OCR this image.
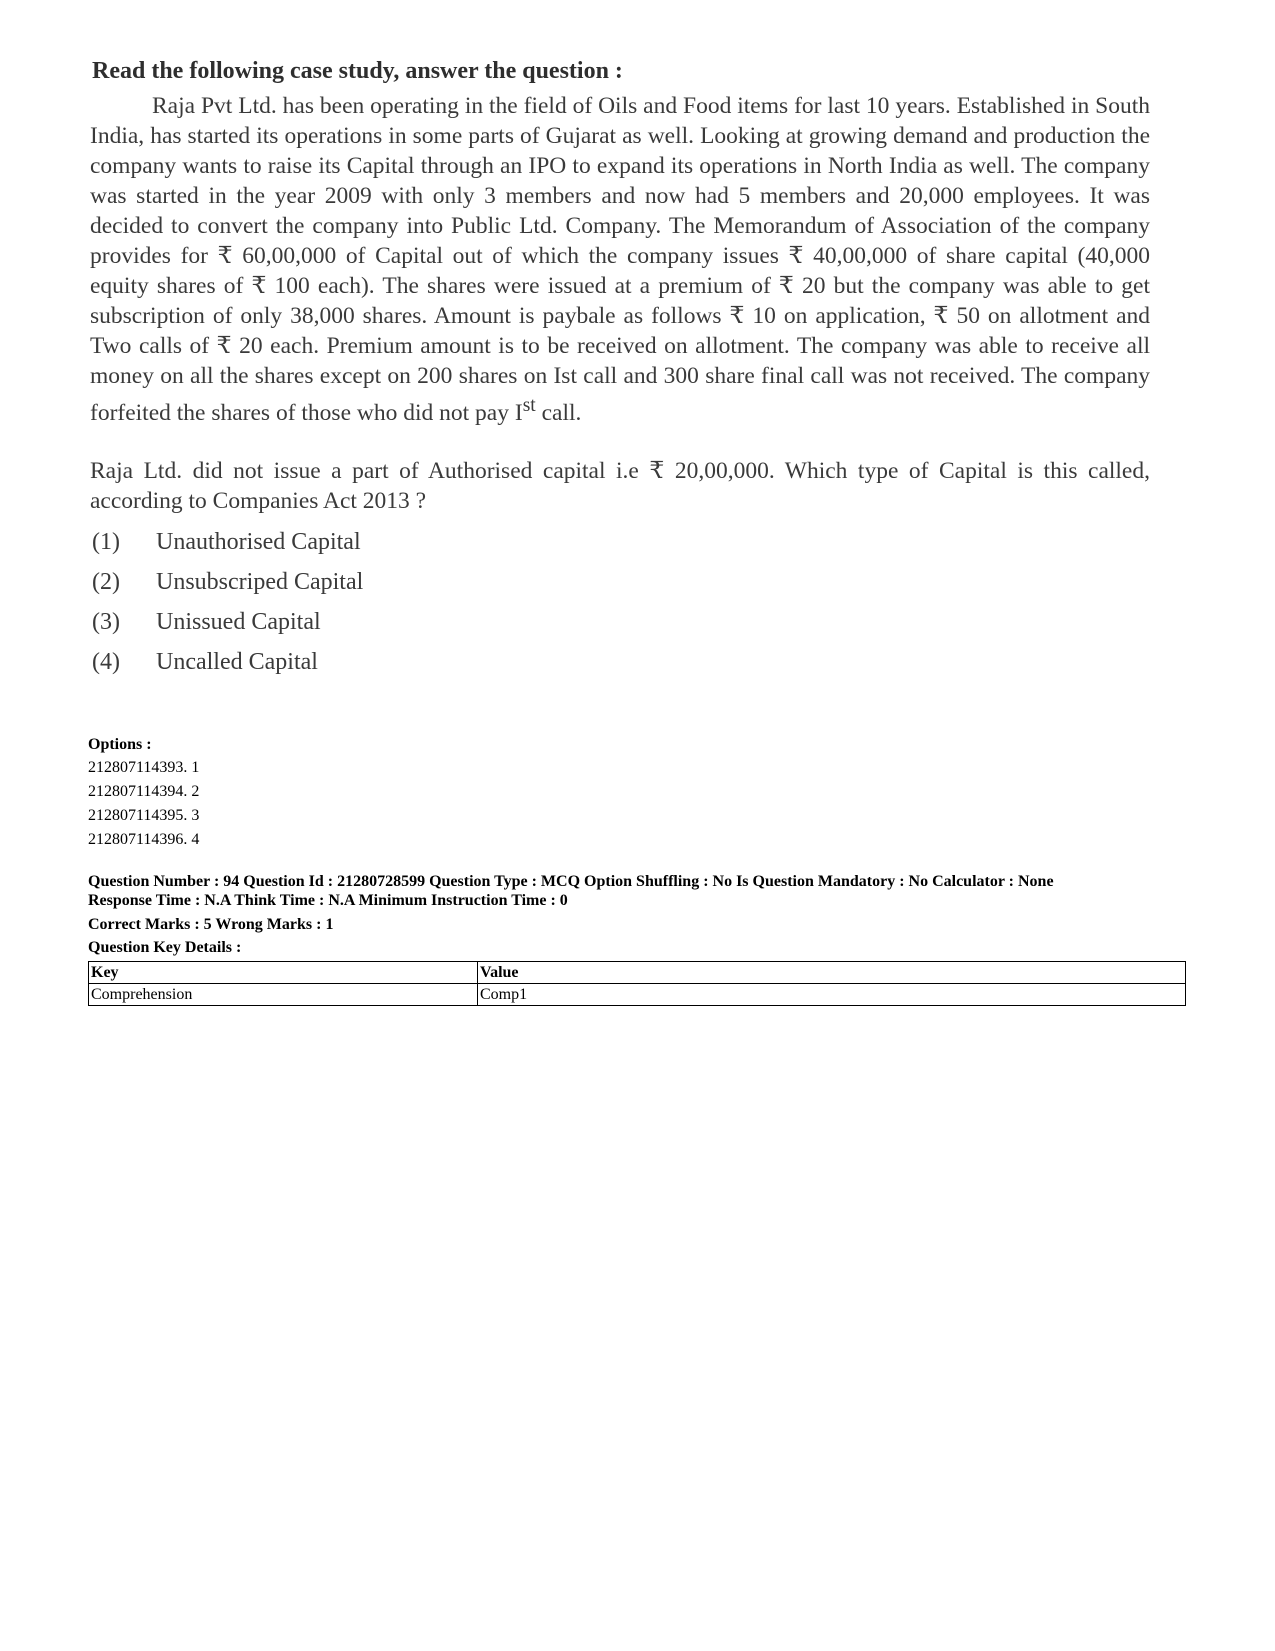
Read the following case study, answer the question :

Raja Pvt Ltd. has been operating in the field of Oils and Food items for last 10 years. Established in South India, has started its operations in some parts of Gujarat as well. Looking at growing demand and production the company wants to raise its Capital through an IPO to expand its operations in North India as well. The company was started in the year 2009 with only 3 members and now had 5 members and 20,000 employees. It was decided to convert the company into Public Ltd. Company. The Memorandum of Association of the company provides for ₹ 60,00,000 of Capital out of which the company issues ₹ 40,00,000 of share capital (40,000 equity shares of ₹ 100 each). The shares were issued at a premium of ₹ 20 but the company was able to get subscription of only 38,000 shares. Amount is paybale as follows ₹ 10 on application, ₹ 50 on allotment and Two calls of ₹ 20 each. Premium amount is to be received on allotment. The company was able to receive all money on all the shares except on 200 shares on Ist call and 300 share final call was not received. The company forfeited the shares of those who did not pay Ist call.

Raja Ltd. did not issue a part of Authorised capital i.e ₹ 20,00,000. Which type of Capital is this called, according to Companies Act 2013 ?

(1)	Unauthorised Capital
(2)	Unsubscriped Capital
(3)	Unissued Capital
(4)	Uncalled Capital
Options :
212807114393. 1
212807114394. 2
212807114395. 3
212807114396. 4
Question Number : 94 Question Id : 21280728599 Question Type : MCQ Option Shuffling : No Is Question Mandatory : No Calculator : None
Response Time : N.A Think Time : N.A Minimum Instruction Time : 0
Correct Marks : 5 Wrong Marks : 1
Question Key Details :
Key	Value
Comprehension	Comp1
